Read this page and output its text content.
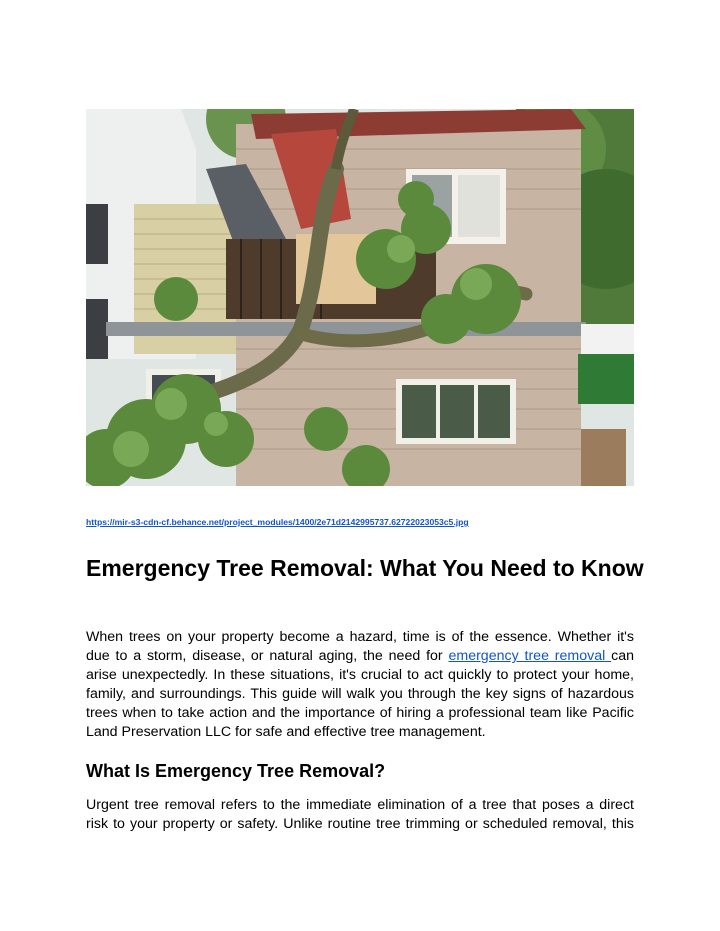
https://mir-s3-cdn-cf.behance.net/project_modules/1400/2e71d2142995737.62722023053c5.jpg
Emergency Tree Removal: What You Need to Know

When trees on your property become a hazard, time is of the essence. Whether it's due to a storm, disease, or natural aging, the need for emergency tree removal can arise unexpectedly. In these situations, it's crucial to act quickly to protect your home, family, and surroundings. This guide will walk you through the key signs of hazardous trees when to take action and the importance of hiring a professional team like Pacific Land Preservation LLC for safe and effective tree management.

What Is Emergency Tree Removal?

Urgent tree removal refers to the immediate elimination of a tree that poses a direct risk to your property or safety. Unlike routine tree trimming or scheduled removal, this
